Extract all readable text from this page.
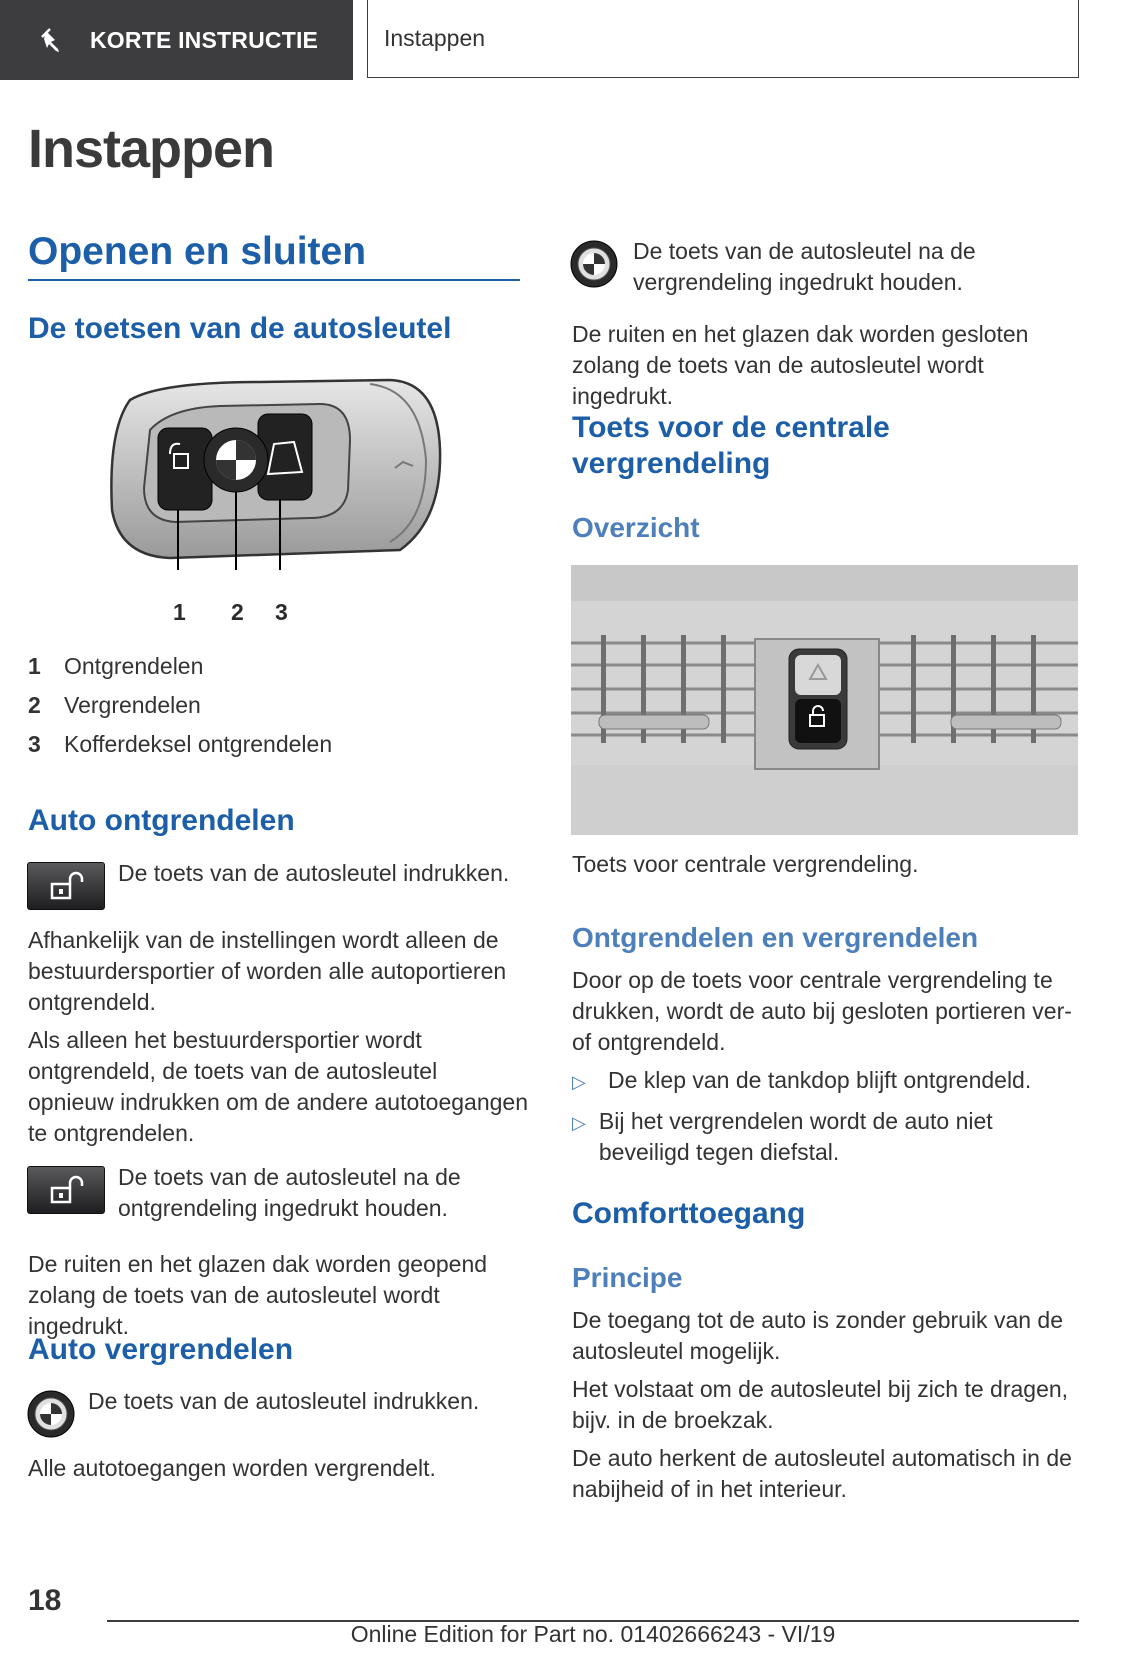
KORTE INSTRUCTIE	Instappen
Instappen
Openen en sluiten
De toetsen van de autosleutel
1 2 3
1	Ontgrendelen
2	Vergrendelen
3	Kofferdeksel ontgrendelen
Auto ontgrendelen

De toets van de autosleutel indrukken.

Afhankelijk van de instellingen wordt alleen de bestuurdersportier of worden alle autoportieren ontgrendeld.

Als alleen het bestuurdersportier wordt ontgrendeld, de toets van de autosleutel opnieuw indrukken om de andere autotoegangen te ontgrendelen.

De toets van de autosleutel na de ontgrendeling ingedrukt houden.

De ruiten en het glazen dak worden geopend zolang de toets van de autosleutel wordt ingedrukt.

Auto vergrendelen

De toets van de autosleutel indrukken.

Alle autotoegangen worden vergrendelt.

De toets van de autosleutel na de vergrendeling ingedrukt houden.

De ruiten en het glazen dak worden gesloten zolang de toets van de autosleutel wordt ingedrukt.

Toets voor de centrale vergrendeling
Overzicht

Toets voor centrale vergrendeling.

Ontgrendelen en vergrendelen

Door op de toets voor centrale vergrendeling te drukken, wordt de auto bij gesloten portieren ver- of ontgrendeld.

▷ De klep van de tankdop blijft ontgrendeld.
▷ Bij het vergrendelen wordt de auto niet beveiligd tegen diefstal.
Comforttoegang
Principe

De toegang tot de auto is zonder gebruik van de autosleutel mogelijk.

Het volstaat om de autosleutel bij zich te dragen, bijv. in de broekzak.

De auto herkent de autosleutel automatisch in de nabijheid of in het interieur.

18
Online Edition for Part no. 01402666243 - VI/19
